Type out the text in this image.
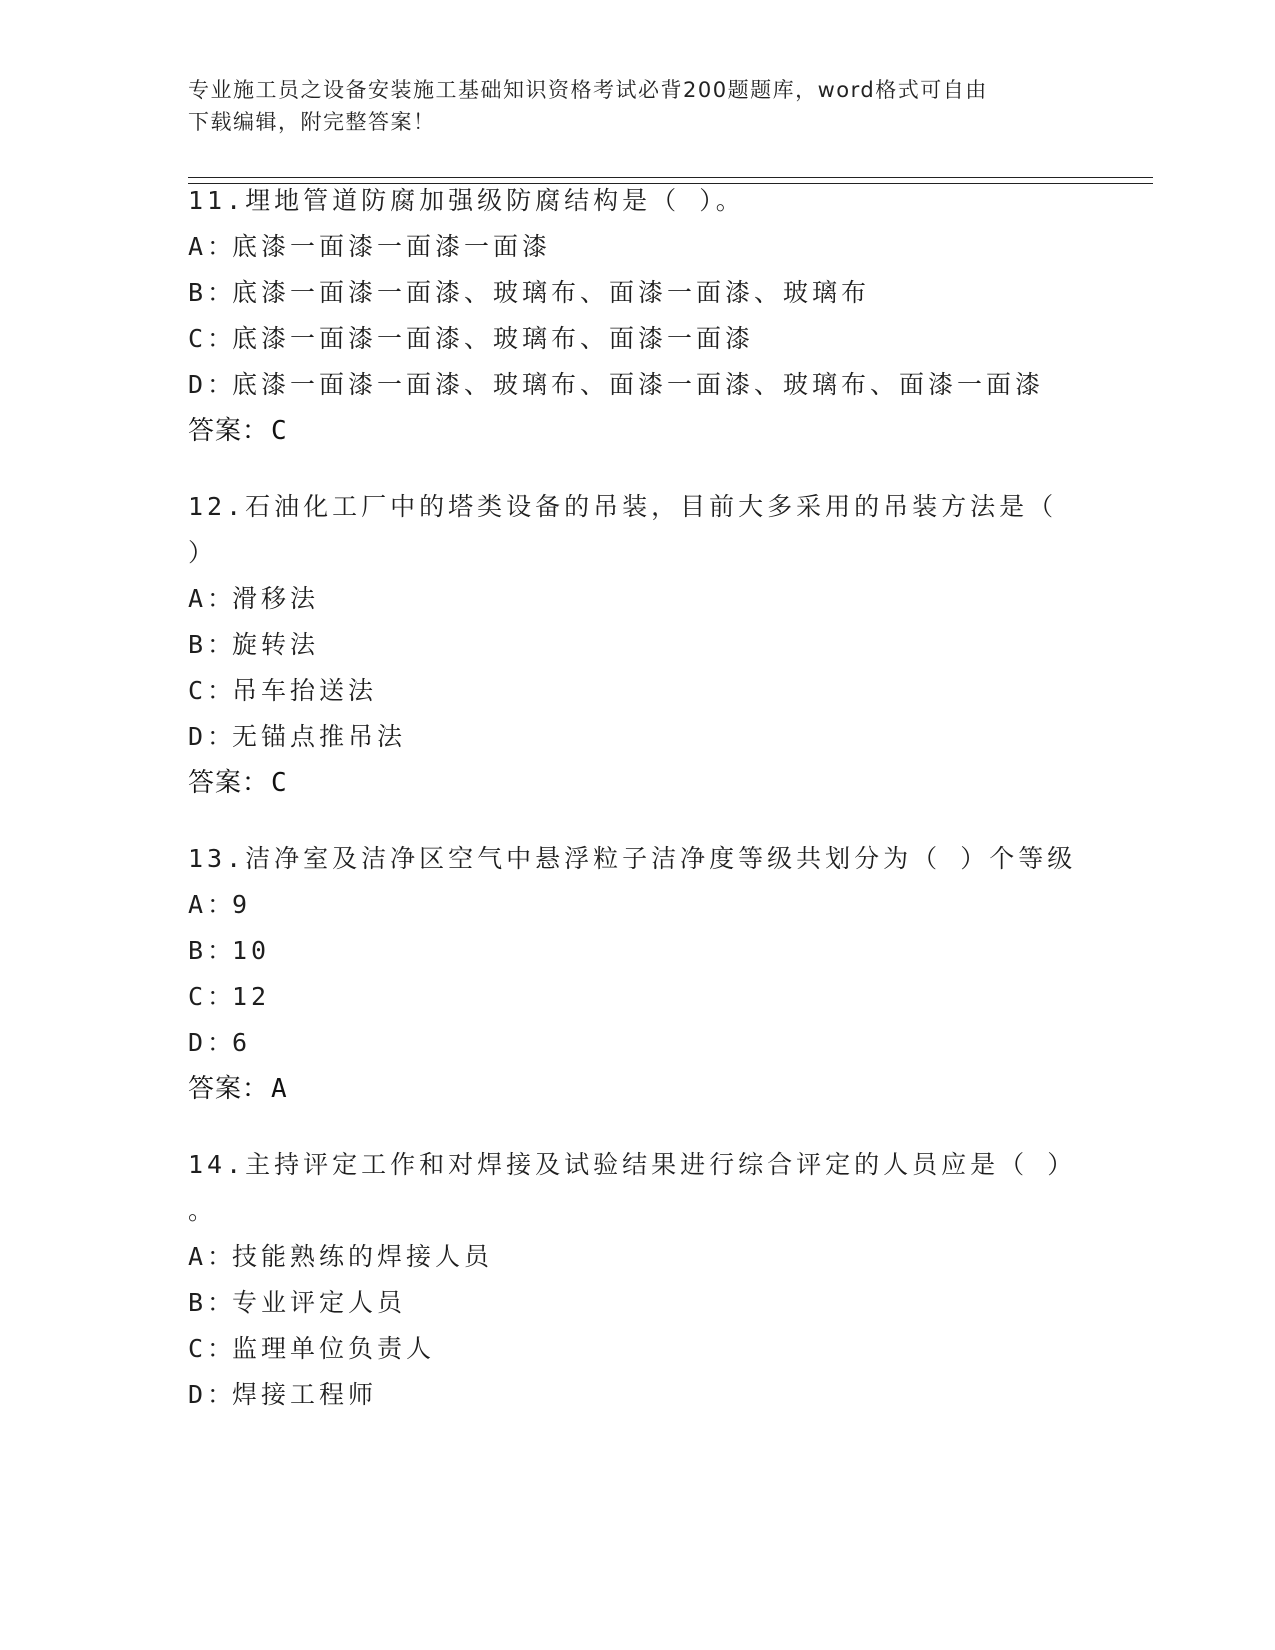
专业施工员之设备安装施工基础知识资格考试必背200题题库，word格式可自由
下载编辑，附完整答案！
11.埋地管道防腐加强级防腐结构是（ ）。
A：底漆一面漆一面漆一面漆
B：底漆一面漆一面漆、玻璃布、面漆一面漆、玻璃布
C：底漆一面漆一面漆、玻璃布、面漆一面漆
D：底漆一面漆一面漆、玻璃布、面漆一面漆、玻璃布、面漆一面漆
答案：C
12.石油化工厂中的塔类设备的吊装，目前大多采用的吊装方法是（
）
A：滑移法
B：旋转法
C：吊车抬送法
D：无锚点推吊法
答案：C
13.洁净室及洁净区空气中悬浮粒子洁净度等级共划分为（ ）个等级
A：9
B：10
C：12
D：6
答案：A
14.主持评定工作和对焊接及试验结果进行综合评定的人员应是（ ）
。
A：技能熟练的焊接人员
B：专业评定人员
C：监理单位负责人
D：焊接工程师
